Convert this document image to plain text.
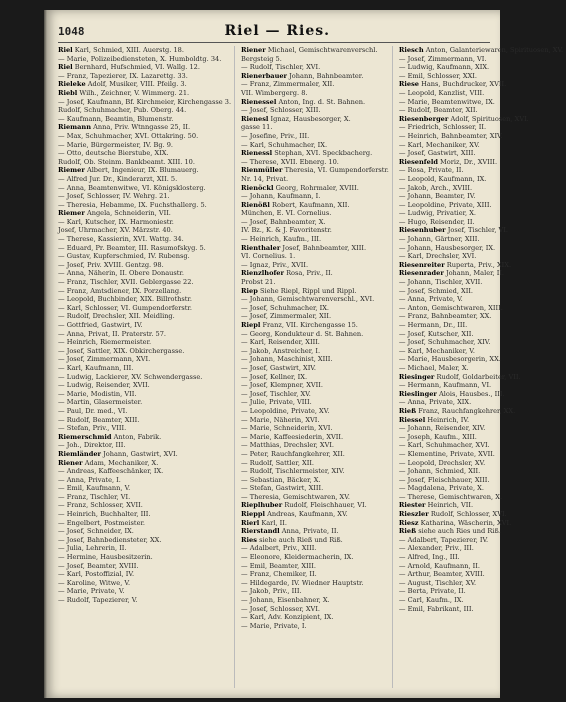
1048	Riel — Ries.
Riel Karl, Schmied, XIII. Auerstg. 18.
— Marie, Polizeibediensteten, X. Humboldtg. 34.
Riel Bernhard, Hufschmied, VI. Wallg. 12.
— Franz, Tapezierer, IX. Lazarettg. 33.
Rieleke Adolf, Musiker, VIII. Pfeilg. 3.
Riebl Wilh., Zeichner, V. Wimmerg. 21.
— Josef, Kaufmann, Bf. Kirchmeier, Kirchengasse 3.
Rudolf, Schuhmacher, Pub. Oberg. 44.
— Kaufmann, Beamtin, Blumenstr.
Riemann Anna, Priv. Wtnngasse 25, II.
— Max, Schuhmacher, XVI. Ottakring. 50.
— Marie, Bürgermeister, IV. Bg. 9.
— Otto, deutsche Bierstube, XIX.
Rudolf, Ob. Steinm. Bankbeamt. XIII. 10.
Riemer Albert, Ingenieur, IX. Blumauerg.
— Alfred Jur. Dr., Kinderarzt, XII. 5.
— Anna, Beamtenwitwe, VI. Königsklosterg.
— Josef, Schlosser, IV. Wehrg. 21.
— Theresia, Hebamme, IX. Fuchsthallerg. 5.
Riemer Angela, Schneiderin, VII.
— Karl, Kutscher, IX. Harmoniestr.
Josef, Uhrmacher, XV. Märzstr. 40.
— Therese, Kassierin, XVI. Wattg. 34.
— Eduard, Pr. Beamter, III. Rasumofskyg. 5.
— Gustav, Kupferschmied, IV. Rubensg.
— Josef, Priv. XVIII. Gentzg. 98.
— Anna, Näherin, II. Obere Donaustr.
— Franz, Tischler, XVII. Geblergasse 22.
— Franz, Amtsdiener, IX. Porzellang.
— Leopold, Buchbinder, XIX. Billrothstr.
— Karl, Schlosser, VI. Gumpendorferstr.
— Rudolf, Drechsler, XII. Meidling.
— Gottfried, Gastwirt, IV.
— Anna, Privat, II. Praterstr. 57.
— Heinrich, Riemermeister.
— Josef, Sattler, XIX. Obkirchergasse.
— Josef, Zimmermann, XVI.
— Karl, Kaufmann, III.
— Ludwig, Lackierer, XV. Schwendergasse.
— Ludwig, Reisender, XVII.
— Marie, Modistin, VII.
— Martin, Glasermeister.
— Paul, Dr. med., VI.
— Rudolf, Beamter, XIII.
— Stefan, Priv., VIII.
Riemerschmid Anton, Fabrik.
— Joh., Direktor, III.
Riemländer Johann, Gastwirt, XVI.
Riener Adam, Mechaniker, X.
— Andreas, Kaffeeschänker, IX.
— Anna, Private, I.
— Emil, Kaufmann, V.
— Franz, Tischler, VI.
— Franz, Schlosser, XVII.
— Heinrich, Buchhalter, III.
— Engelbert, Postmeister.
— Josef, Schneider, IX.
— Josef, Bahnbediensteter, XX.
— Julia, Lehrerin, II.
— Hermine, Hausbesitzerin.
— Josef, Beamter, XVIII.
— Karl, Postoffizial, IV.
— Karoline, Witwe, V.
— Marie, Private, V.
— Rudolf, Tapezierer, V.
Riener Michael, Gemischtwarenverschl.
Bergsteig 5.
— Rudolf, Tischler, XVI.
Rienerbauer Johann, Bahnbeamter.
— Franz, Zimmermaler, XII.
VII. Wimbergerg. 8.
Rienessel Anton, Ing. d. St. Bahnen.
— Josef, Schlosser, XIII.
Rienesl Ignaz, Hausbesorger, X.
gasse 11.
— Josefine, Priv., III.
— Karl, Schuhmacher, IX.
Rienessl Stephan, XVI. Speckbacherg.
— Therese, XVII. Ebnerg. 10.
Rienmüller Theresia, VI. Gumpendorferstr.
Nr. 14, Privat.
Rienöckl Georg, Rohrmaler, XVIII.
— Johann, Kaufmann, I.
Rienößl Robert, Kaufmann, XII.
München, E. VI. Cornelius.
— Josef, Bahnbeamter, X.
IV. Bz., K. & J. Favoritenstr.
— Heinrich, Kaufm., III.
Rienthaler Josef, Bahnbeamter, XIII.
VI. Cornelius. 1.
— Ignaz, Priv., XVII.
Rienzlhofer Rosa, Priv., II.
Probst 21.
Riep Siehe Riepl, Rippl und Rippl.
— Johann, Gemischtwarenverschl., XVI.
— Josef, Schuhmacher, IX.
— Josef, Zimmermaler, XII.
Riepl Franz, VII. Kirchengasse 15.
— Georg, Kondukteur d. St. Bahnen.
— Karl, Reisender, XIII.
— Jakob, Anstreicher, I.
— Johann, Maschinist, XIII.
— Josef, Gastwirt, XIV.
— Josef, Kellner, IX.
— Josef, Klempner, XVII.
— Josef, Tischler, XV.
— Julie, Private, VIII.
— Leopoldine, Private, XV.
— Marie, Näherin, XVI.
— Marie, Schneiderin, XVI.
— Marie, Kaffeesiederin, XVII.
— Matthias, Drechsler, XVI.
— Peter, Rauchfangkehrer, XII.
— Rudolf, Sattler, XII.
— Rudolf, Tischlermeister, XIV.
— Sebastian, Bäcker, X.
— Stefan, Gastwirt, XIII.
— Theresia, Gemischtwaren, XV.
Rieplhuber Rudolf, Fleischhauer, VI.
Rieppl Andreas, Kaufmann, XV.
Rierl Karl, II.
Rierstandl Anna, Private, II.
Ries siehe auch Rieß und Riß.
— Adalbert, Priv., XIII.
— Eleonore, Kleidermacherin, IX.
— Emil, Beamter, XIII.
— Franz, Chemiker, II.
— Hildegarde, IV. Wiedner Hauptstr.
— Jakob, Priv., III.
— Johann, Eisenbahner, X.
— Josef, Schlosser, XVI.
— Karl, Adv. Konzipient, IX.
— Marie, Private, I.
Riesch Anton, Galanteriewaren, Spirituosen, XV.
— Josef, Zimmermann, VI.
— Ludwig, Kaufmann, XIX.
— Emil, Schlosser, XXI.
Riese Hans, Buchdrucker, XVII.
— Leopold, Kanzlist, VIII.
— Marie, Beamtenwitwe, IX.
— Rudolf, Beamter, XII.
Riesenberger Adolf, Spirituosen, XVI.
— Friedrich, Schlosser, II.
— Heinrich, Bahnbeamter, XIV.
— Karl, Mechaniker, XV.
— Josef, Gastwirt, XIII.
Riesenfeld Moriz, Dr., XVIII.
— Rosa, Private, II.
— Leopold, Kaufmann, IX.
— Jakob, Arch., XVIII.
— Johann, Beamter, IV.
— Leopoldine, Private, XIII.
— Ludwig, Privatier, X.
— Hugo, Reisender, II.
Riesenhuber Josef, Tischler, VI.
— Johann, Gärtner, XIII.
— Johann, Hausbesorger, IX.
— Karl, Drechsler, XVI.
Riesenreiter Ruperta, Priv., XIX.
Riesenrader Johann, Maler, II.
— Johann, Tischler, XVII.
— Josef, Schmied, XII.
— Anna, Private, V.
— Anton, Gemischtwaren, XIII.
— Franz, Bahnbeamter, XX.
— Hermann, Dr., III.
— Josef, Kutscher, XII.
— Josef, Schuhmacher, XIV.
— Karl, Mechaniker, V.
— Marie, Hausbesorgerin, XX.
— Michael, Maler, X.
Riesinger Rudolf, Goldarbeiter, VII.
— Hermann, Kaufmann, VI.
Rieslinger Alois, Hausbes., III.
— Anna, Private, XIX.
Rieß Franz, Rauchfangkehrer, XX.
Riessel Heinrich, IV.
— Johann, Reisender, XIV.
— Joseph, Kaufm., XIII.
— Karl, Schuhmacher, XVI.
— Klementine, Private, XVII.
— Leopold, Drechsler, XV.
— Johann, Schmied, XII.
— Josef, Fleischhauer, XIII.
— Magdalena, Private, X.
— Therese, Gemischtwaren, X.
Riester Heinrich, VII.
Rieszler Rudolf, Schlosser, XVI.
Riesz Katharina, Wäscherin, XVI.
Rieß siehe auch Ries und Riß.
— Adalbert, Tapezierer, IV.
— Alexander, Priv., III.
— Alfred, Ing., III.
— Arnold, Kaufmann, II.
— Arthur, Beamter, XVIII.
— August, Tischler, XV.
— Berta, Private, II.
— Carl, Kaufm., IX.
— Emil, Fabrikant, III.
